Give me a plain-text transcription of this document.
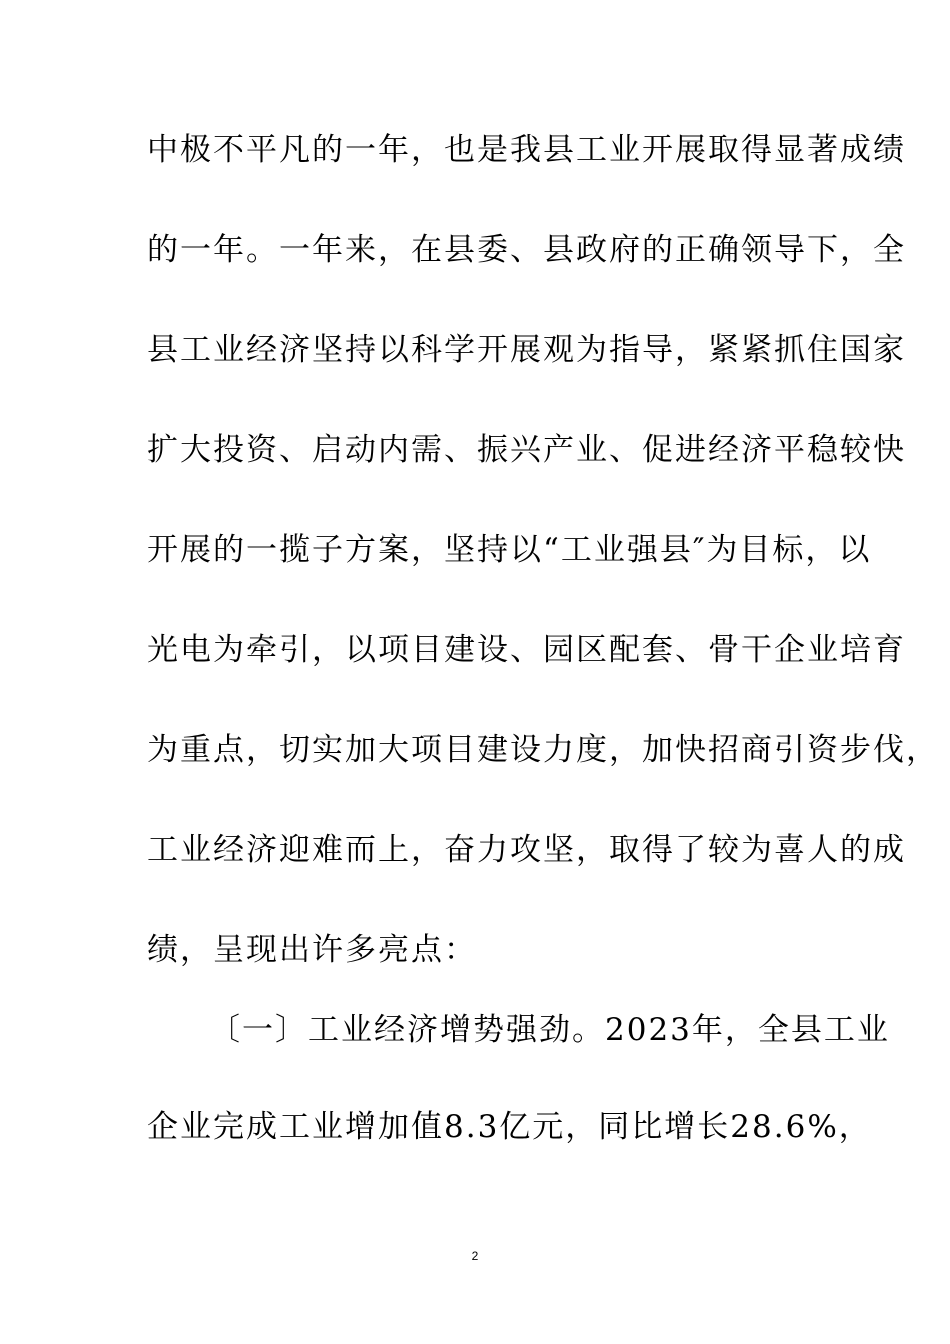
中极不平凡的一年，也是我县工业开展取得显著成绩
的一年。一年来，在县委、县政府的正确领导下，全
县工业经济坚持以科学开展观为指导，紧紧抓住国家
扩大投资、启动内需、振兴产业、促进经济平稳较快
开展的一揽子方案，坚持以“工业强县″为目标，以
光电为牵引，以项目建设、园区配套、骨干企业培育
为重点，切实加大项目建设力度，加快招商引资步伐，
工业经济迎难而上，奋力攻坚，取得了较为喜人的成
绩，呈现出许多亮点：
〔一〕工业经济增势强劲。2023年，全县工业
企业完成工业增加值8.3亿元，同比增长28.6%，
2
